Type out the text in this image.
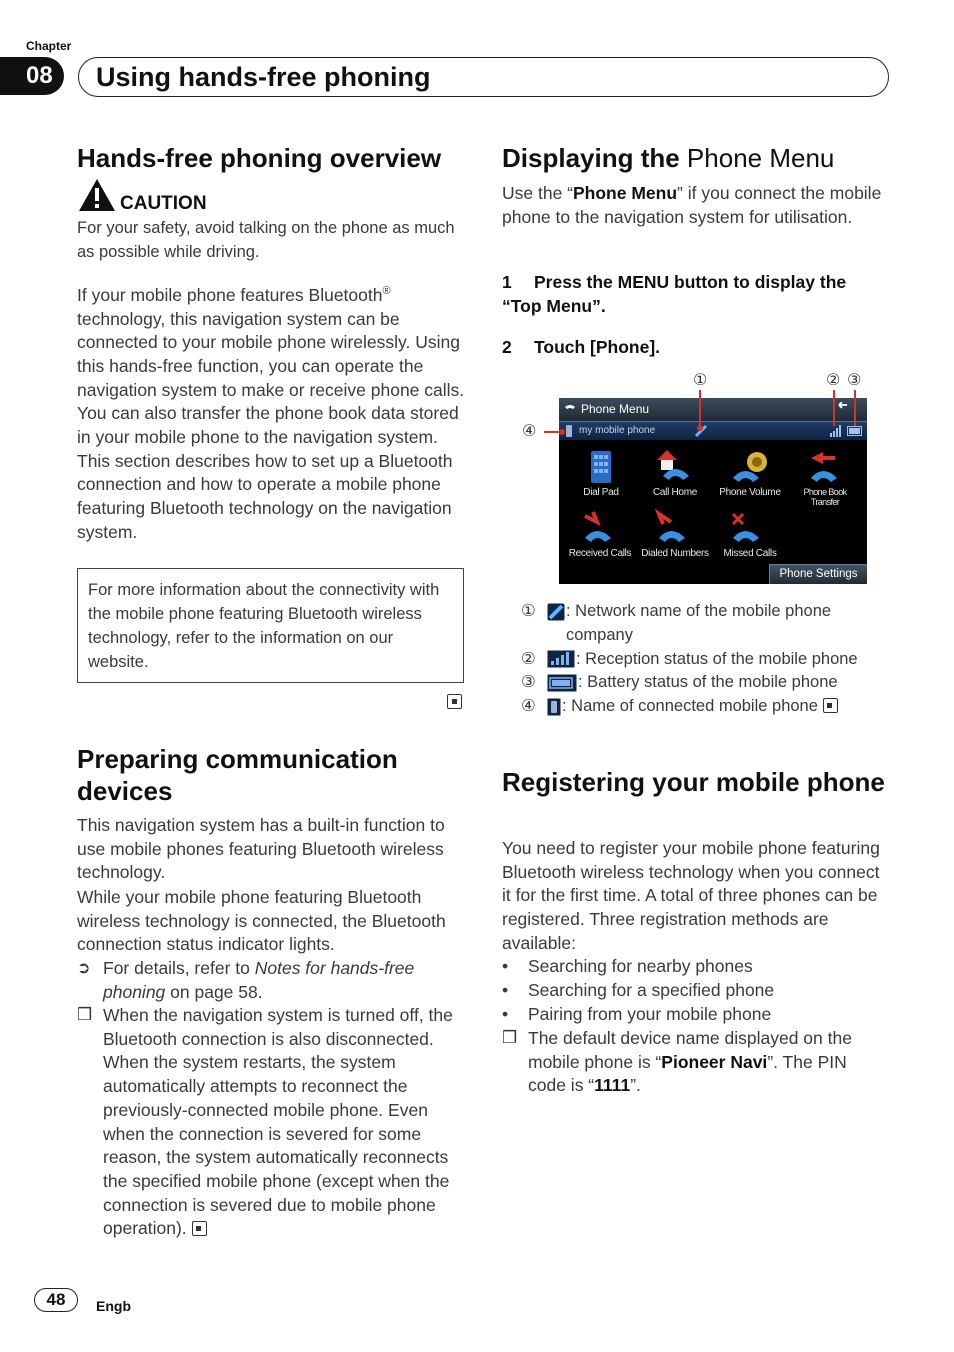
Chapter
08	Using hands-free phoning
Hands-free phoning overview
CAUTION
For your safety, avoid talking on the phone as much as possible while driving.
If your mobile phone features Bluetooth® technology, this navigation system can be connected to your mobile phone wirelessly. Using this hands-free function, you can operate the navigation system to make or receive phone calls. You can also transfer the phone book data stored in your mobile phone to the navigation system. This section describes how to set up a Bluetooth connection and how to operate a mobile phone featuring Bluetooth technology on the navigation system.
For more information about the connectivity with the mobile phone featuring Bluetooth wireless technology, refer to the information on our website.
Preparing communication devices
This navigation system has a built-in function to use mobile phones featuring Bluetooth wireless technology.
While your mobile phone featuring Bluetooth wireless technology is connected, the Bluetooth connection status indicator lights.
➲ For details, refer to Notes for hands-free phoning on page 58.
❒ When the navigation system is turned off, the Bluetooth connection is also disconnected. When the system restarts, the system automatically attempts to reconnect the previously-connected mobile phone. Even when the connection is severed for some reason, the system automatically reconnects the specified mobile phone (except when the connection is severed due to mobile phone operation).
Displaying the Phone Menu
Use the “Phone Menu” if you connect the mobile phone to the navigation system for utilisation.
1	Press the MENU button to display the “Top Menu”.
2 Touch [Phone].
①	② ③
④
Phone Menu
my mobile phone
Dial Pad	Call Home	Phone Volume	Phone Book Transfer
Received Calls	Dialed Numbers	Missed Calls
Phone Settings
① : Network name of the mobile phone company
② : Reception status of the mobile phone
③	: Battery status of the mobile phone
④ : Name of connected mobile phone
Registering your mobile phone
You need to register your mobile phone featuring Bluetooth wireless technology when you connect it for the first time. A total of three phones can be registered. Three registration methods are available:
• Searching for nearby phones
• Searching for a specified phone
• Pairing from your mobile phone
❒ The default device name displayed on the mobile phone is “Pioneer Navi”. The PIN code is “1111”.
48	Engb
